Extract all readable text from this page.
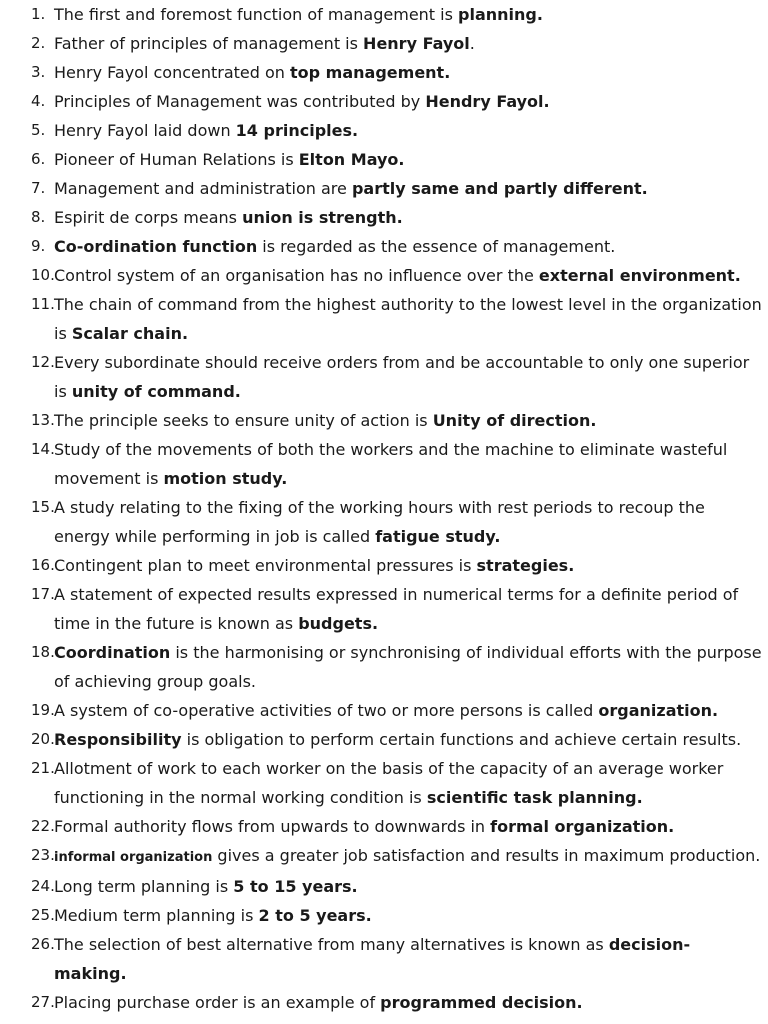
1. The first and foremost function of management is planning.
2. Father of principles of management is Henry Fayol.
3. Henry Fayol concentrated on top management.
4. Principles of Management was contributed by Hendry Fayol.
5. Henry Fayol laid down 14 principles.
6. Pioneer of Human Relations is Elton Mayo.
7. Management and administration are partly same and partly different.
8. Espirit de corps means union is strength.
9. Co-ordination function is regarded as the essence of management.
10. Control system of an organisation has no influence over the external environment.
11. The chain of command from the highest authority to the lowest level in the organization is Scalar chain.
12. Every subordinate should receive orders from and be accountable to only one superior is unity of command.
13. The principle seeks to ensure unity of action is Unity of direction.
14. Study of the movements of both the workers and the machine to eliminate wasteful movement is motion study.
15. A study relating to the fixing of the working hours with rest periods to recoup the energy while performing in job is called fatigue study.
16. Contingent plan to meet environmental pressures is strategies.
17. A statement of expected results expressed in numerical terms for a definite period of time in the future is known as budgets.
18. Coordination is the harmonising or synchronising of individual efforts with the purpose of achieving group goals.
19. A system of co-operative activities of two or more persons is called organization.
20. Responsibility is obligation to perform certain functions and achieve certain results.
21. Allotment of work to each worker on the basis of the capacity of an average worker functioning in the normal working condition is scientific task planning.
22. Formal authority flows from upwards to downwards in formal organization.
23. informal organization gives a greater job satisfaction and results in maximum production.
24. Long term planning is 5 to 15 years.
25. Medium term planning is 2 to 5 years.
26. The selection of best alternative from many alternatives is known as decision-making.
27. Placing purchase order is an example of programmed decision.
